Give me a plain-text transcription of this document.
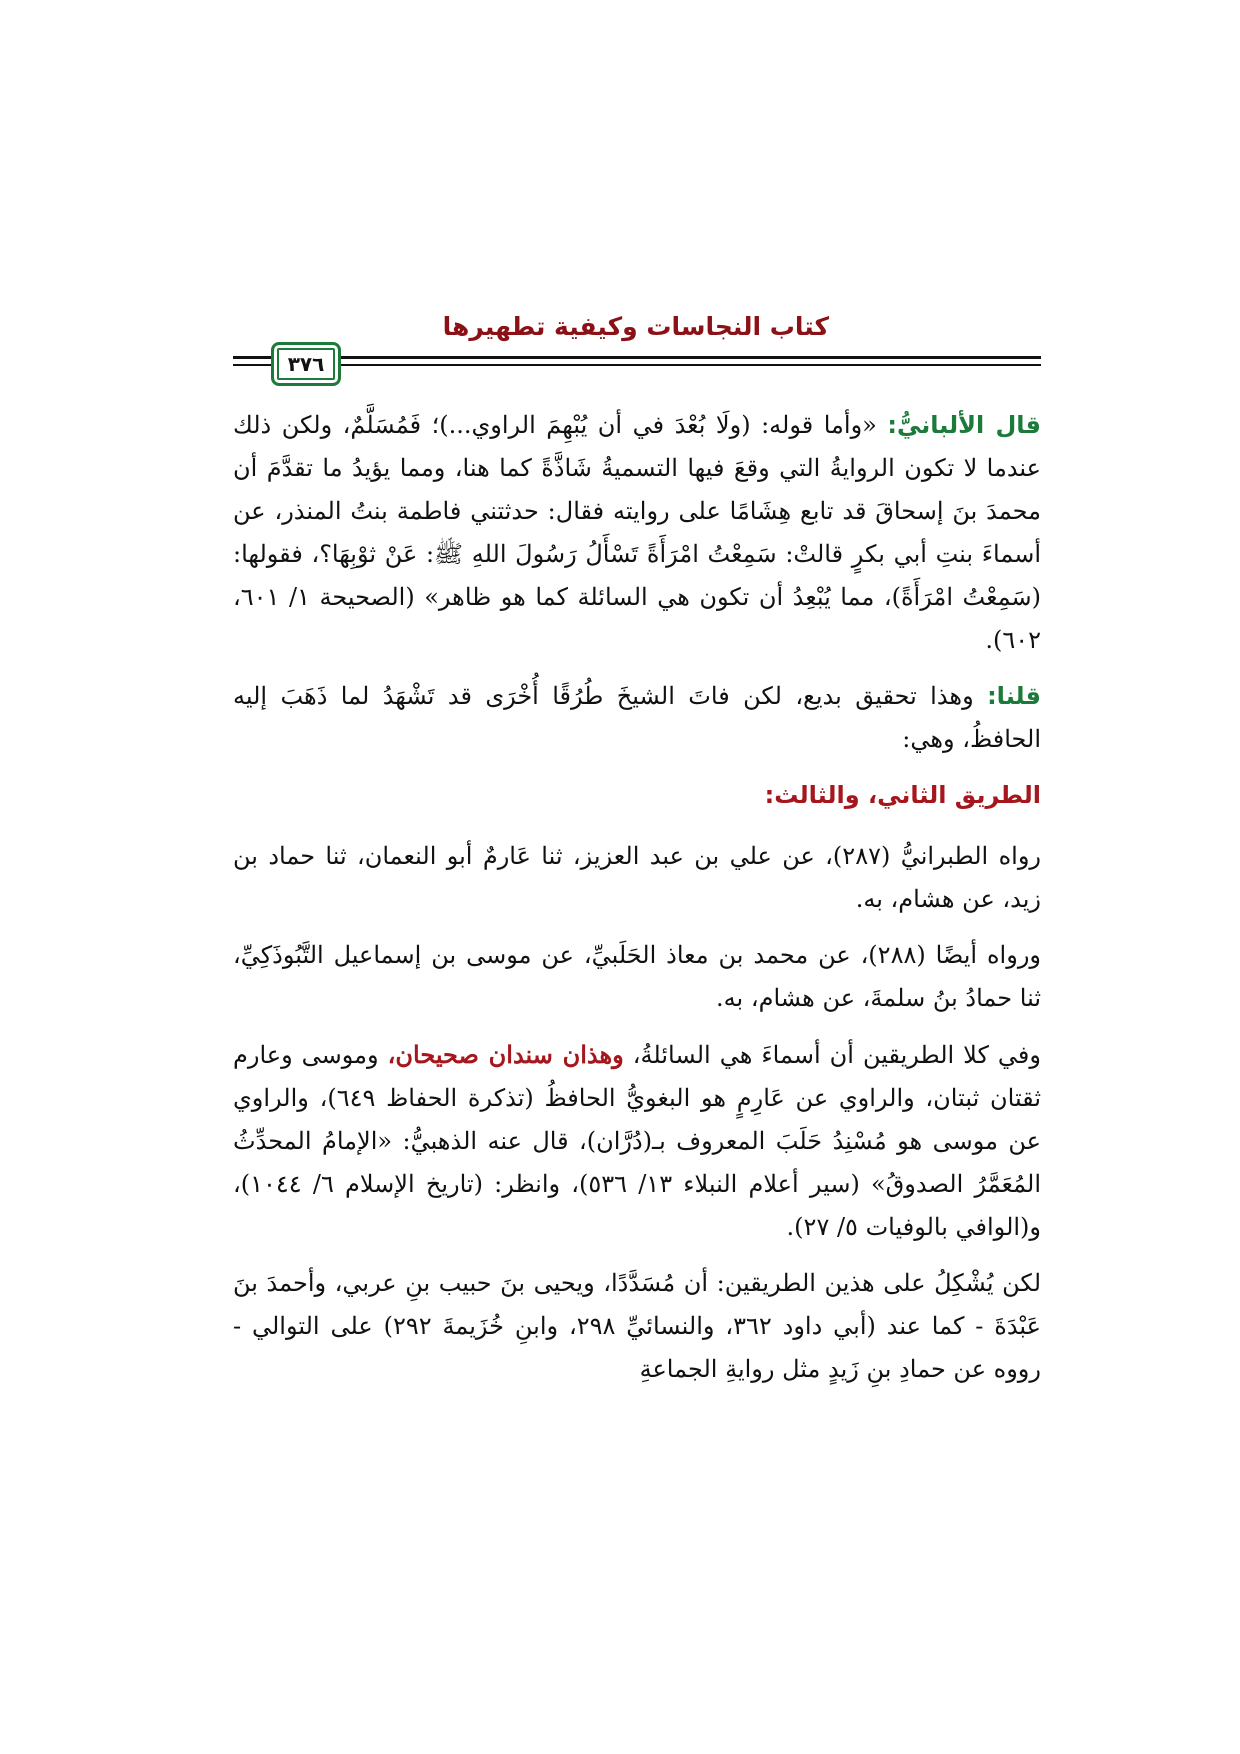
كتاب النجاسات وكيفية تطهيرها
٣٧٦

قال الألبانيُّ: «وأما قوله: (ولَا بُعْدَ في أن يُبْهِمَ الراوي...)؛ فَمُسَلَّمٌ، ولكن ذلك عندما لا تكون الروايةُ التي وقعَ فيها التسميةُ شَاذَّةً كما هنا، ومما يؤيدُ ما تقدَّمَ أن محمدَ بنَ إسحاقَ قد تابع هِشَامًا على روايته فقال: حدثتني فاطمة بنتُ المنذر، عن أسماءَ بنتِ أبي بكرٍ قالتْ: سَمِعْتُ امْرَأَةً تَسْأَلُ رَسُولَ اللهِ ﷺ: عَنْ ثوْبِهَا؟، فقولها: (سَمِعْتُ امْرَأَةً)، مما يُبْعِدُ أن تكون هي السائلة كما هو ظاهر» (الصحيحة ١/ ٦٠١، ٦٠٢).

قلنا: وهذا تحقيق بديع، لكن فاتَ الشيخَ طُرُقًا أُخْرَى قد تَشْهَدُ لما ذَهَبَ إليه الحافظُ، وهي:

الطريق الثاني، والثالث:

رواه الطبرانيُّ (٢٨٧)، عن علي بن عبد العزيز، ثنا عَارمٌ أبو النعمان، ثنا حماد بن زيد، عن هشام، به.

ورواه أيضًا (٢٨٨)، عن محمد بن معاذ الحَلَبيِّ، عن موسى بن إسماعيل التَّبُوذَكِيِّ، ثنا حمادُ بنُ سلمةَ، عن هشام، به.

وفي كلا الطريقين أن أسماءَ هي السائلةُ، وهذان سندان صحيحان، وموسى وعارم ثقتان ثبتان، والراوي عن عَارِمٍ هو البغويُّ الحافظُ (تذكرة الحفاظ ٦٤٩)، والراوي عن موسى هو مُسْنِدُ حَلَبَ المعروف بـ(دُرَّان)، قال عنه الذهبيُّ: «الإمامُ المحدِّثُ المُعَمَّرُ الصدوقُ» (سير أعلام النبلاء ١٣/ ٥٣٦)، وانظر: (تاريخ الإسلام ٦/ ١٠٤٤)، و(الوافي بالوفيات ٥/ ٢٧).

لكن يُشْكِلُ على هذين الطريقين: أن مُسَدَّدًا، ويحيى بنَ حبيب بنِ عربي، وأحمدَ بنَ عَبْدَةَ - كما عند (أبي داود ٣٦٢، والنسائيِّ ٢٩٨، وابنِ خُزَيمةَ ٢٩٢) على التوالي - رووه عن حمادِ بنِ زَيدٍ مثل روايةِ الجماعةِ
